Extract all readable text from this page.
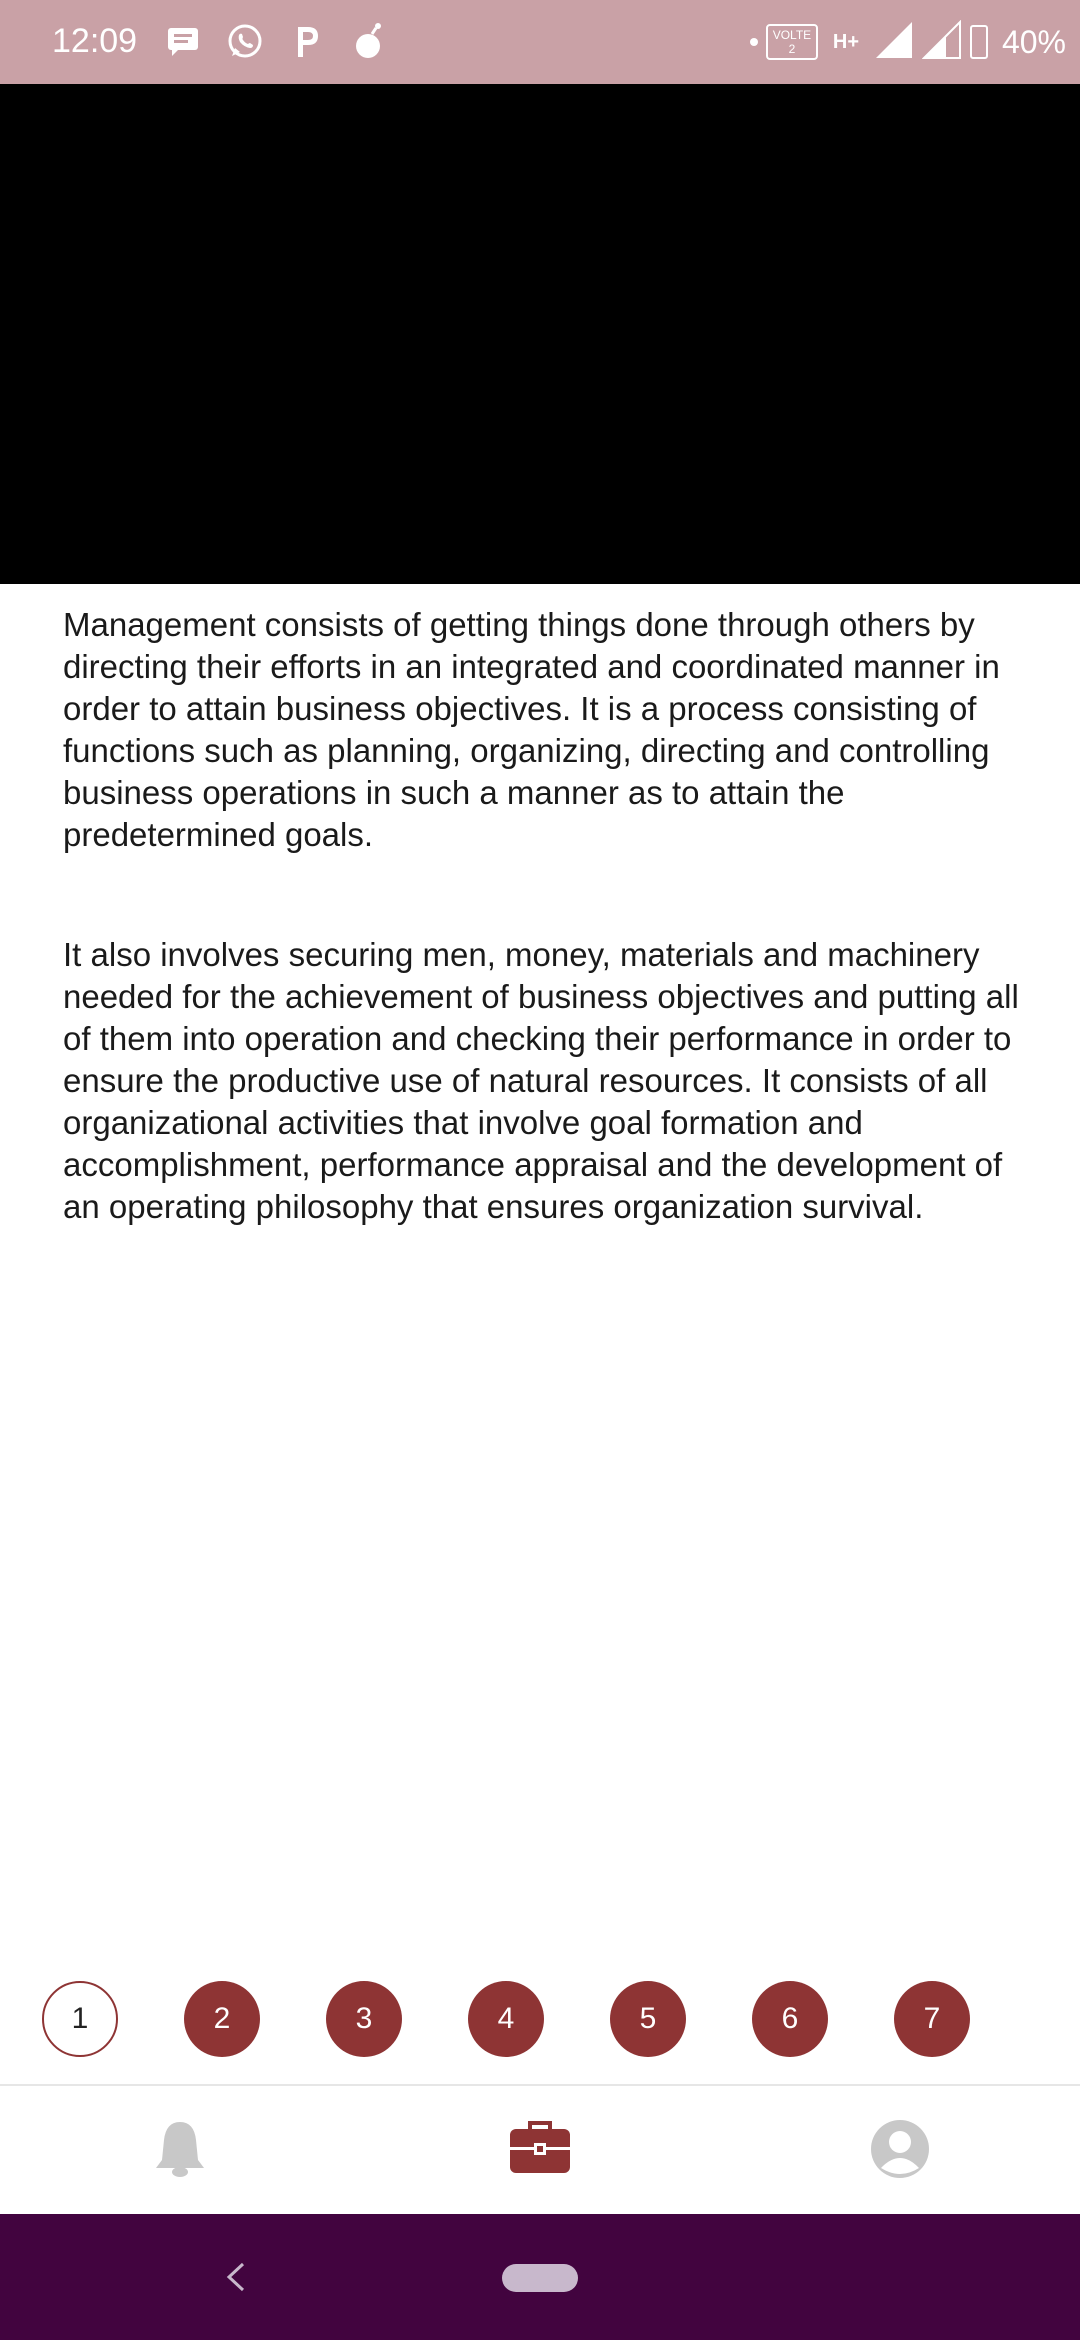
12:09	VOLTE
2	H+	40%
Management consists of getting things done through others by
directing their efforts in an integrated and coordinated manner in
order to attain business objectives. It is a process consisting of
functions such as planning, organizing, directing and controlling
business operations in such a manner as to attain the
predetermined goals.
It also involves securing men, money, materials and machinery
needed for the achievement of business objectives and putting all
of them into operation and checking their performance in order to
ensure the productive use of natural resources. It consists of all
organizational activities that involve goal formation and
accomplishment, performance appraisal and the development of
an operating philosophy that ensures organization survival.
1	2	3	4	5	6	7
